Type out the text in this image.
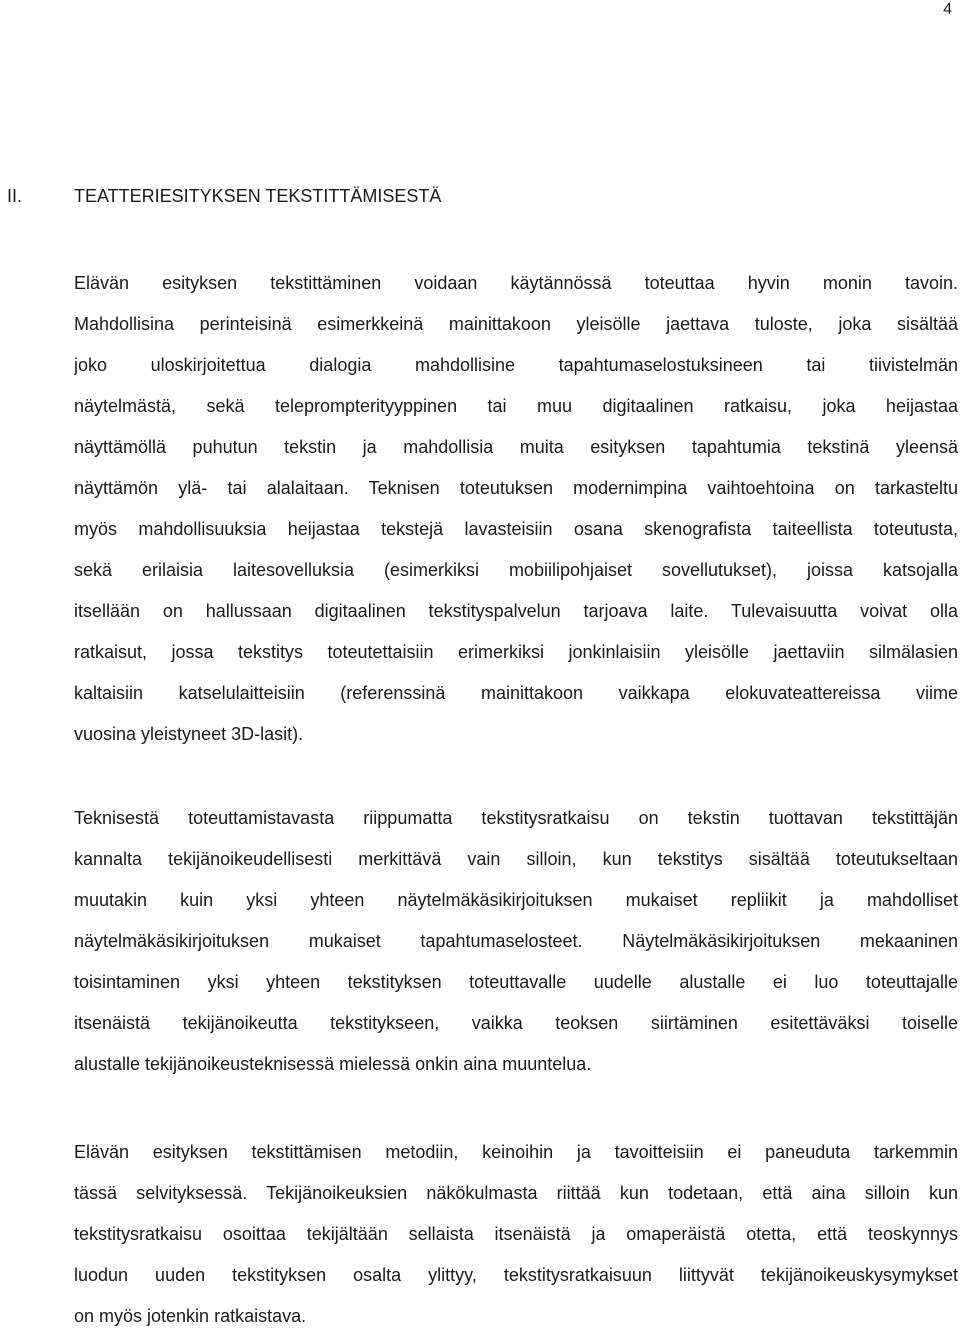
4
II.	TEATTERIESITYKSEN TEKSTITTÄMISESTÄ
Elävän esityksen tekstittäminen voidaan käytännössä toteuttaa hyvin monin tavoin.
Mahdollisina perinteisinä esimerkkeinä mainittakoon yleisölle jaettava tuloste, joka sisältää
joko uloskirjoitettua dialogia mahdollisine tapahtumaselostuksineen tai tiivistelmän
näytelmästä, sekä teleprompterityyppinen tai muu digitaalinen ratkaisu, joka heijastaa
näyttämöllä puhutun tekstin ja mahdollisia muita esityksen tapahtumia tekstinä yleensä
näyttämön ylä- tai alalaitaan. Teknisen toteutuksen modernimpina vaihtoehtoina on tarkasteltu
myös mahdollisuuksia heijastaa tekstejä lavasteisiin osana skenografista taiteellista toteutusta,
sekä erilaisia laitesovelluksia (esimerkiksi mobiilipohjaiset sovellutukset), joissa katsojalla
itsellään on hallussaan digitaalinen tekstityspalvelun tarjoava laite. Tulevaisuutta voivat olla
ratkaisut, jossa tekstitys toteutettaisiin erimerkiksi jonkinlaisiin yleisölle jaettaviin silmälasien
kaltaisiin katselulaitteisiin (referenssinä mainittakoon vaikkapa elokuvateattereissa viime
vuosina yleistyneet 3D-lasit).
Teknisestä toteuttamistavasta riippumatta tekstitysratkaisu on tekstin tuottavan tekstittäjän
kannalta tekijänoikeudellisesti merkittävä vain silloin, kun tekstitys sisältää toteutukseltaan
muutakin kuin yksi yhteen näytelmäkäsikirjoituksen mukaiset repliikit ja mahdolliset
näytelmäkäsikirjoituksen mukaiset tapahtumaselosteet. Näytelmäkäsikirjoituksen mekaaninen
toisintaminen yksi yhteen tekstityksen toteuttavalle uudelle alustalle ei luo toteuttajalle
itsenäistä tekijänoikeutta tekstitykseen, vaikka teoksen siirtäminen esitettäväksi toiselle
alustalle tekijänoikeusteknisessä mielessä onkin aina muuntelua.
Elävän esityksen tekstittämisen metodiin, keinoihin ja tavoitteisiin ei paneuduta tarkemmin
tässä selvityksessä. Tekijänoikeuksien näkökulmasta riittää kun todetaan, että aina silloin kun
tekstitysratkaisu osoittaa tekijältään sellaista itsenäistä ja omaperäistä otetta, että teoskynnys
luodun uuden tekstityksen osalta ylittyy, tekstitysratkaisuun liittyvät tekijänoikeuskysymykset
on myös jotenkin ratkaistava.
